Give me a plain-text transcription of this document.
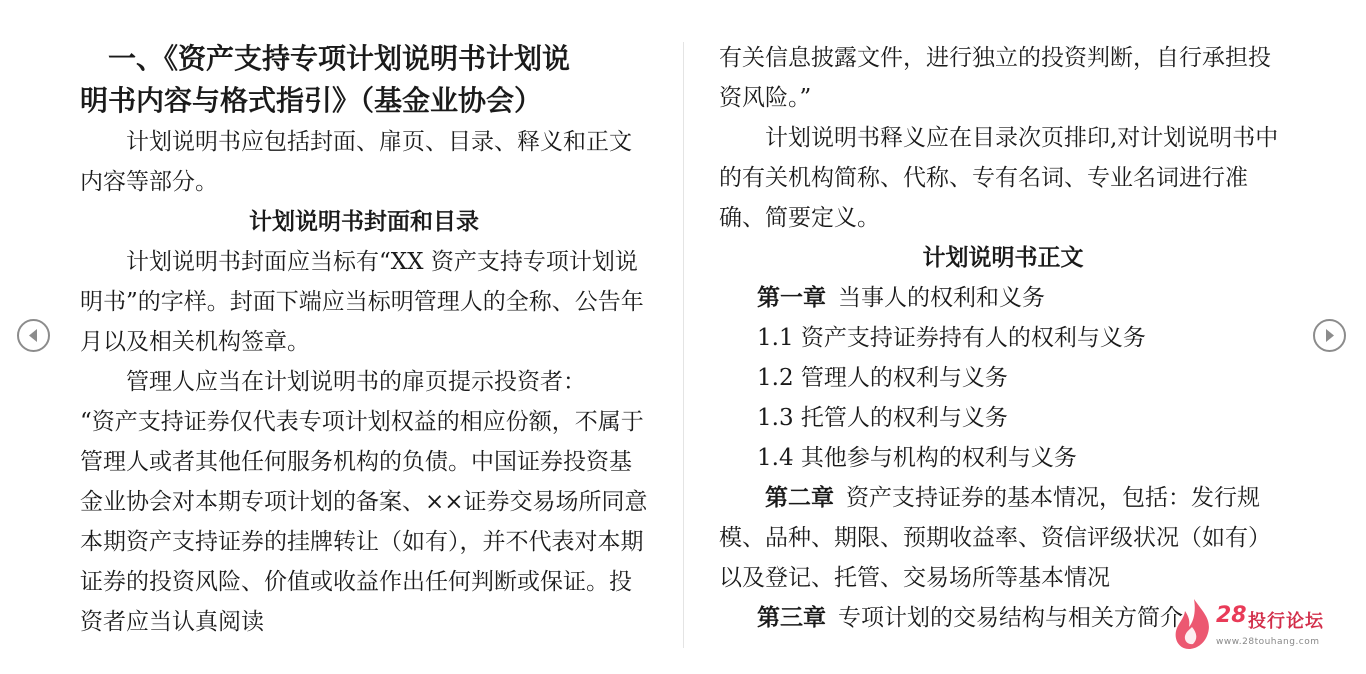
　一、《资产支持专项计划说明书计划说
明书内容与格式指引》（基金业协会）

计划说明书应包括封面、扉页、目录、释义和正文内容等部分。

计划说明书封面和目录

计划说明书封面应当标有“XX 资产支持专项计划说明书”的字样。封面下端应当标明管理人的全称、公告年月以及相关机构签章。

管理人应当在计划说明书的扉页提示投资者：

“资产支持证券仅代表专项计划权益的相应份额，不属于管理人或者其他任何服务机构的负债。中国证券投资基金业协会对本期专项计划的备案、××证券交易场所同意本期资产支持证券的挂牌转让（如有），并不代表对本期证券的投资风险、价值或收益作出任何判断或保证。投资者应当认真阅读

有关信息披露文件，进行独立的投资判断，自行承担投资风险。”

计划说明书释义应在目录次页排印,对计划说明书中的有关机构简称、代称、专有名词、专业名词进行准确、简要定义。

计划说明书正文

第一章 当事人的权利和义务

1.1 资产支持证券持有人的权利与义务

1.2 管理人的权利与义务

1.3 托管人的权利与义务

1.4 其他参与机构的权利与义务

第二章 资产支持证券的基本情况，包括：发行规模、品种、期限、预期收益率、资信评级状况（如有）以及登记、托管、交易场所等基本情况

第三章 专项计划的交易结构与相关方简介	28 投行论坛
www.28touhang.com
